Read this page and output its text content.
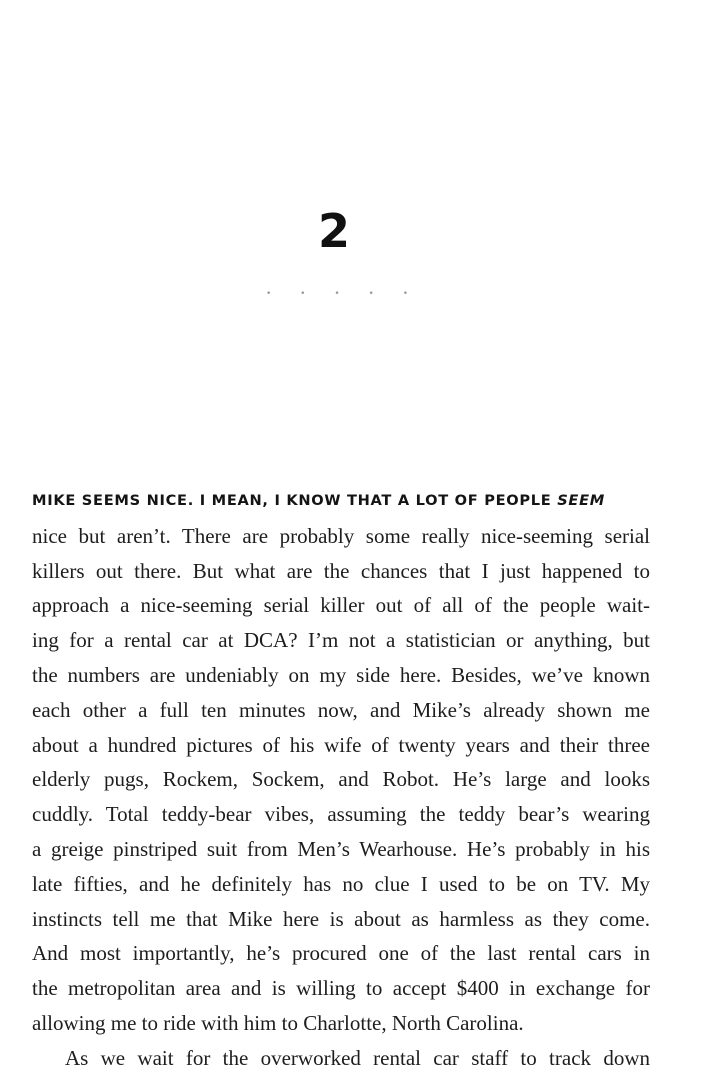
2
•	•	•	•	•
MIKE SEEMS NICE. I MEAN, I KNOW THAT A LOT OF PEOPLE SEEM
nice but aren’t. There are probably some really nice-seeming serial
killers out there. But what are the chances that I just happened to
approach a nice-seeming serial killer out of all of the people wait-
ing for a rental car at DCA? I’m not a statistician or anything, but
the numbers are undeniably on my side here. Besides, we’ve known
each other a full ten minutes now, and Mike’s already shown me
about a hundred pictures of his wife of twenty years and their three
elderly pugs, Rockem, Sockem, and Robot. He’s large and looks
cuddly. Total teddy-bear vibes, assuming the teddy bear’s wearing
a greige pinstriped suit from Men’s Wearhouse. He’s probably in his
late fifties, and he definitely has no clue I used to be on TV. My
instincts tell me that Mike here is about as harmless as they come.
And most importantly, he’s procured one of the last rental cars in
the metropolitan area and is willing to accept $400 in exchange for
allowing me to ride with him to Charlotte, North Carolina.
As we wait for the overworked rental car staff to track down
